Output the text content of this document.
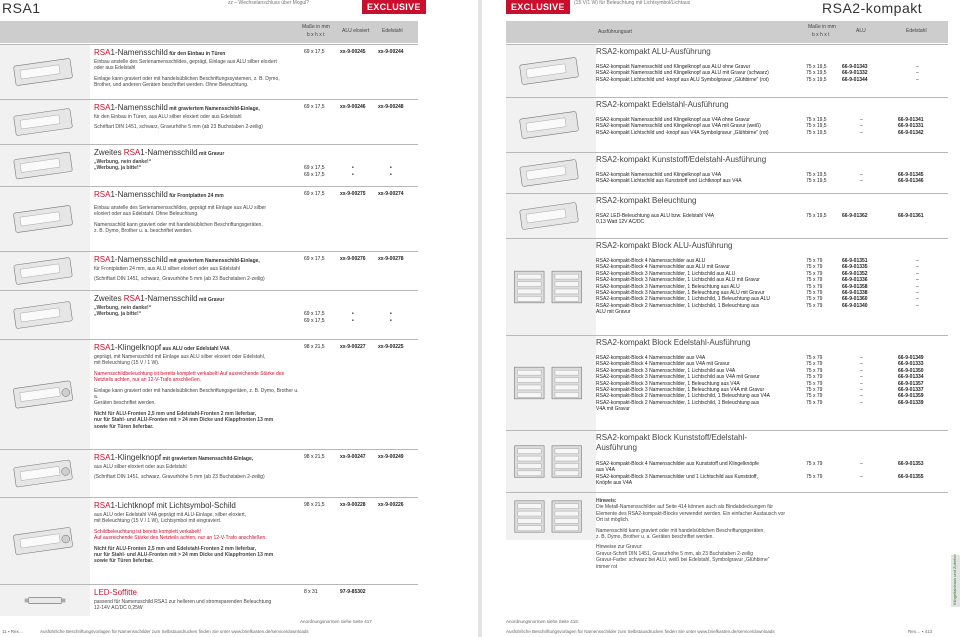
RSA1	zz – Wechselanschluss über Mogul?	EXCLUSIVE
Maße in mm
b x h x t
ALU eloxiert	Edelstahl
RSA1-Namensschild für den Einbau in Türen
Einbau anstelle des Serienamensschildes, geprägt, Einlage aus ALU silber eloxiert
oder aus Edelstahl
Einlage kann graviert oder mit handelsüblichen Beschriftungssystemen, z. B. Dymo,
Brother, und anderen Geräten beschriftet werden. Ohne Beleuchtung.
69 x 17,5	xx-9-00245 xx-9-00244
RSA1-Namensschild mit graviertem Namensschild-Einlage,
für den Einbau in Türen, aus ALU silber eloxiert oder aus Edelstahl
Schriftart DIN 1451, schwarz, Gravurhöhe 5 mm (ab 23 Buchstaben 2-zeilig)
69 x 17,5	xx-9-00246 xx-9-00248
Zweites RSA1-Namensschild mit Gravur
„Werbung, nein danke!“
„Werbung, ja bitte!“	69 x 17,5	•	•
69 x 17,5	•	•
RSA1-Namensschild für Frontplatten 24 mm
Einbau anstelle des Serienamensschildes, geprägt mit Einlage aus ALU silber
eloxiert oder aus Edelstahl. Ohne Beleuchtung.
Namensschild kann graviert oder mit handelsüblichen Beschriftungsgeräten,
z. B. Dymo, Brother u. a. beschriftet werden.
69 x 17,5	xx-9-00275 xx-9-00274
RSA1-Namensschild mit graviertem Namensschild-Einlage,
für Frontplatten 24 mm, aus ALU silber eloxiert oder aus Edelstahl
(Schriftart DIN 1451, schwarz, Gravurhöhe 5 mm (ab 23 Buchstaben 2-zeilig)
69 x 17,5	xx-9-00276 xx-9-00278
Zweites RSA1-Namensschild mit Gravur
„Werbung, nein danke!“
„Werbung, ja bitte!“	69 x 17,5	•	•
69 x 17,5	•	•
RSA1-Klingelknopf aus ALU oder Edelstahl V4A
geprägt, mit Namensschild mit Einlage aus ALU silber eloxiert oder Edelstahl,
mit Beleuchtung (15 V / 1 W).
Namensschildbeleuchtung ist bereits komplett verkabelt! Auf ausreichende Stärke des
Netzteils achten, nur an 12-V-Trafo anschließen.
Einlage kann graviert oder mit handelsüblichen Beschriftungsgeräten, z. B. Dymo, Brother u. a.
Geräten beschriftet werden.
Nicht für ALU-Fronten 2,5 mm und Edelstahl-Fronten 2 mm lieferbar,
nur für Stahl- und ALU-Fronten mit > 24 mm Dicke und Klappfronten 13 mm
sowie für Türen lieferbar.
98 x 21,5	xx-9-00227 xx-9-00225
RSA1-Klingelknopf mit graviertem Namensschild-Einlage,
aus ALU silber eloxiert oder aus Edelstahl
(Schriftart DIN 1451, schwarz, Gravurhöhe 5 mm (ab 23 Buchstaben 2-zeilig)
98 x 21,5	xx-9-00247 xx-9-00249
RSA1-Lichtknopf mit Lichtsymbol-Schild
aus ALU oder Edelstahl V4A geprägt mit ALU-Einlage, silber eloxiert,
mit Beleuchtung (15 V / 1 W), Lichtsymbol mit eingraviert.
Schildbeleuchtung ist bereits komplett verkabelt!
Auf ausreichende Stärke des Netzteils achten, nur an 12-V-Trafo anschließen.
Nicht für ALU-Fronten 2,5 mm und Edelstahl-Fronten 2 mm lieferbar,
nur für Stahl- und ALU-Fronten mit > 24 mm Dicke und Klappfronten 13 mm
sowie für Türen lieferbar.
98 x 21,5	xx-9-00228 xx-9-00226
LED-Soffitte
passend für Namensschild RSA1 zur helleren und stromsparenden Beleuchtung
12-14V AC/DC 0,25W
8 x 31	97-9-85302
Anordnungsnormen siehe Seite 417
11 ▪ Rex…	Ausführliche Beschriftungsvorlagen für Namensschilder zum Selbstausdrucken finden Sie unter www.briefkasten.de/service/downloads
EXCLUSIVE	(15 V/1 W) für Beleuchtung mit Lichtsymbol/Lichtaus	RSA2-kompakt
Ausführungsart
Maße in mm
b x h x t
ALU	Edelstahl
RSA2-kompakt ALU-Ausführung
RSA2-kompakt Namensschild und Klingelknopf aus ALU ohne Gravur	75 x 19,5	66-9-01343	–
RSA2-kompakt Namensschild und Klingelknopf aus ALU mit Gravur (schwarz)	75 x 19,5	66-9-01332	–
RSA2-kompakt Lichtschild und -knopf aus ALU Symbolgravur „Glühbirne“ (rot)	75 x 19,5	66-9-01344	–
RSA2-kompakt Edelstahl-Ausführung
RSA2-kompakt Namensschild und Klingelknopf aus V4A ohne Gravur	75 x 19,5	–	66-9-01341
RSA2-kompakt Namensschild und Klingelknopf aus V4A mit Gravur (weiß)	75 x 19,5	–	66-9-01331
RSA2-kompakt Lichtschild und -knopf aus V4A Symbolgravur „Glühbirne“ (rot)	75 x 19,5	–	66-9-01342
RSA2-kompakt Kunststoff/Edelstahl-Ausführung
RSA2-kompakt Namensschild und Klingelknopf aus V4A	75 x 19,5	–	66-9-01345
RSA2-kompakt Lichtschild aus Kunststoff und Lichtknopf aus V4A	75 x 19,5	–	66-9-01346
RSA2-kompakt Beleuchtung
RSA2 LED-Beleuchtung aus ALU bzw. Edelstahl V4A	75 x 19,5	66-9-01362	66-9-01361
0,13 Watt 12V AC/DC
RSA2-kompakt Block ALU-Ausführung
RSA2-kompakt-Block 4 Namensschilder aus ALU	75 x 79	66-9-01351	–
RSA2-kompakt-Block 4 Namensschilder aus ALU mit Gravur	75 x 79	66-9-01335	–
RSA2-kompakt-Block 3 Namensschilder, 1 Lichtschild aus ALU	75 x 79	66-9-01352	–
RSA2-kompakt-Block 3 Namensschilder, 1 Lichtschild aus ALU mit Gravur	75 x 79	66-9-01336	–
RSA2-kompakt-Block 3 Namensschilder, 1 Beleuchtung aus ALU	75 x 79	66-9-01358	–
RSA2-kompakt-Block 3 Namensschilder, 1 Beleuchtung aus ALU mit Gravur	75 x 79	66-9-01338	–
RSA2-kompakt-Block 2 Namensschilder, 1 Lichtschild, 1 Beleuchtung aus ALU	75 x 79	66-9-01360	–
RSA2-kompakt-Block 2 Namensschilder, 1 Lichtschild, 1 Beleuchtung aus	75 x 79	66-9-01340	–
ALU mit Gravur
RSA2-kompakt Block Edelstahl-Ausführung
RSA2-kompakt-Block 4 Namensschilder aus V4A	75 x 79	–	66-9-01349
RSA2-kompakt-Block 4 Namensschilder aus V4A mit Gravur	75 x 79	–	66-9-01333
RSA2-kompakt-Block 3 Namensschilder, 1 Lichtschild aus V4A	75 x 79	–	66-9-01350
RSA2-kompakt-Block 3 Namensschilder, 1 Lichtschild aus V4A mit Gravur	75 x 79	–	66-9-01334
RSA2-kompakt-Block 3 Namensschilder, 1 Beleuchtung aus V4A	75 x 79	–	66-9-01357
RSA2-kompakt-Block 3 Namensschilder, 1 Beleuchtung aus V4A mit Gravur	75 x 79	–	66-9-01337
RSA2-kompakt-Block 2 Namensschilder, 1 Lichtschild, 1 Beleuchtung aus V4A	75 x 79	–	66-9-01359
RSA2-kompakt-Block 2 Namensschilder, 1 Lichtschild, 1 Beleuchtung aus	75 x 79	–	66-9-01339
V4A mit Gravur
RSA2-kompakt Block Kunststoff/Edelstahl-
Ausführung
RSA2-kompakt-Block 4 Namensschilder aus Kunststoff und Klingelknöpfe	75 x 79	–	66-9-01353
aus V4A
RSA2-kompakt-Block 3 Namensschilder und 1 Lichtschild aus Kunststoff,	75 x 79	–	66-9-01355
Knöpfe aus V4A
Hinweis:
Die Metall-Namensschilder auf Seite 414 können auch als Bindabdeckungen für
Elemente des RSA2-kompakt-Blocks verwendet werden. Ein einfacher Austausch vor
Ort ist möglich.
Namensschild kann graviert oder mit handelsüblichen Beschriftungsgeräten,
z. B. Dymo, Brother u. a. Geräten beschriftet werden.
Hinweise zur Gravur:
Gravur-Schrift DIN 1451, Gravurhöhe 5 mm, ab 23 Buchstaben 2-zeilig
Gravur-Farbe: schwarz bei ALU, weiß bei Edelstahl, Symbolgravur „Glühbirne“
immer rot	Klingeltableaus und Zubehör
Anordnungsnormen siehe Seite 418.
Ausführliche Beschriftungsvorlagen für Namensschilder zum Selbstausdrucken finden Sie unter www.briefkasten.de/service/downloads	Rex… ▪ 413
